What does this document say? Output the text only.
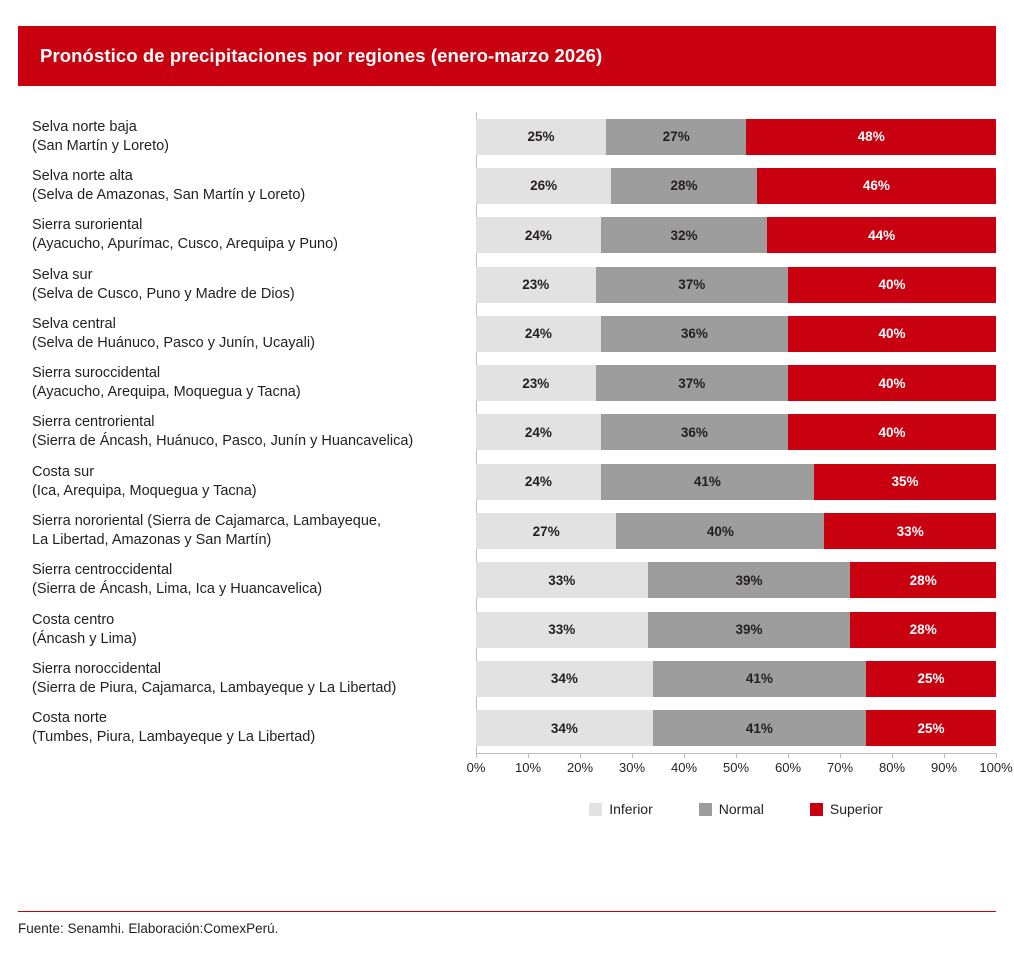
Pronóstico de precipitaciones por regiones (enero-marzo 2026)
Selva norte baja
(San Martín y Loreto)
25%	27%	48%
Selva norte alta
(Selva de Amazonas, San Martín y Loreto)
26%	28%	46%
Sierra suroriental
(Ayacucho, Apurímac, Cusco, Arequipa y Puno)
24%	32%	44%
Selva sur
(Selva de Cusco, Puno y Madre de Dios)
23%	37%	40%
Selva central
(Selva de Huánuco, Pasco y Junín, Ucayali)
24%	36%	40%
Sierra suroccidental
(Ayacucho, Arequipa, Moquegua y Tacna)
23%	37%	40%
Sierra centroriental
(Sierra de Áncash, Huánuco, Pasco, Junín y Huancavelica)
24%	36%	40%
Costa sur
(Ica, Arequipa, Moquegua y Tacna)
24%	41%	35%
Sierra nororiental (Sierra de Cajamarca, Lambayeque,
La Libertad, Amazonas y San Martín)
27%	40%	33%
Sierra centroccidental
(Sierra de Áncash, Lima, Ica y Huancavelica)
33%	39%	28%
Costa centro
(Áncash y Lima)
33%	39%	28%
Sierra noroccidental
(Sierra de Piura, Cajamarca, Lambayeque y La Libertad)
34%	41%	25%
Costa norte
(Tumbes, Piura, Lambayeque y La Libertad)
34%	41%	25%
0% 10% 20% 30% 40% 50% 60% 70% 80% 90% 100%
Inferior	Normal	Superior
Fuente: Senamhi. Elaboración:ComexPerú.
